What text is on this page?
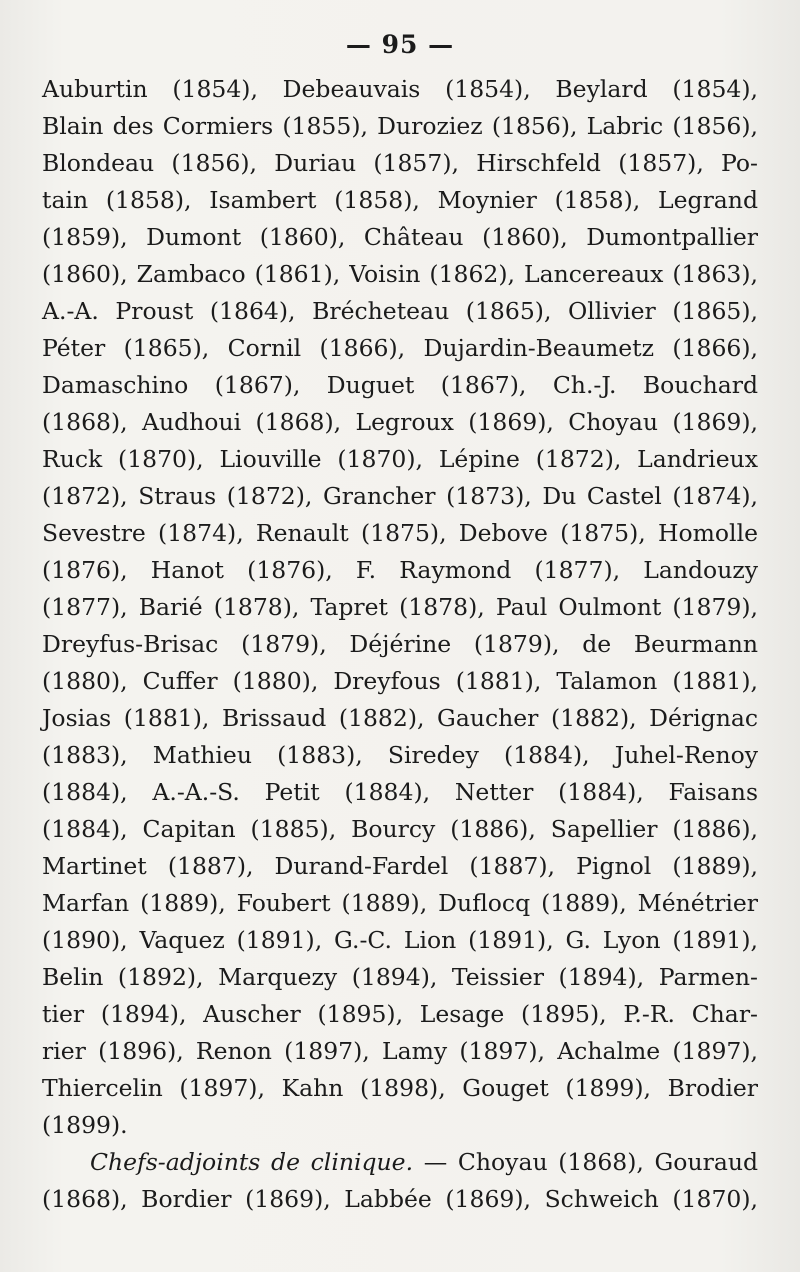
— 95 —
Auburtin (1854), Debeauvais (1854), Beylard (1854),
Blain des Cormiers (1855), Duroziez (1856), Labric (1856),
Blondeau (1856), Duriau (1857), Hirschfeld (1857), Po-
tain (1858), Isambert (1858), Moynier (1858), Legrand
(1859), Dumont (1860), Château (1860), Dumontpallier
(1860), Zambaco (1861), Voisin (1862), Lancereaux (1863),
A.-A. Proust (1864), Brécheteau (1865), Ollivier (1865),
Péter (1865), Cornil (1866), Dujardin-Beaumetz (1866),
Damaschino (1867), Duguet (1867), Ch.-J. Bouchard
(1868), Audhoui (1868), Legroux (1869), Choyau (1869),
Ruck (1870), Liouville (1870), Lépine (1872), Landrieux
(1872), Straus (1872), Grancher (1873), Du Castel (1874),
Sevestre (1874), Renault (1875), Debove (1875), Homolle
(1876), Hanot (1876), F. Raymond (1877), Landouzy
(1877), Barié (1878), Tapret (1878), Paul Oulmont (1879),
Dreyfus-Brisac (1879), Déjérine (1879), de Beurmann
(1880), Cuffer (1880), Dreyfous (1881), Talamon (1881),
Josias (1881), Brissaud (1882), Gaucher (1882), Dérignac
(1883), Mathieu (1883), Siredey (1884), Juhel-Renoy
(1884), A.-A.-S. Petit (1884), Netter (1884), Faisans
(1884), Capitan (1885), Bourcy (1886), Sapellier (1886),
Martinet (1887), Durand-Fardel (1887), Pignol (1889),
Marfan (1889), Foubert (1889), Duflocq (1889), Ménétrier
(1890), Vaquez (1891), G.-C. Lion (1891), G. Lyon (1891),
Belin (1892), Marquezy (1894), Teissier (1894), Parmen-
tier (1894), Auscher (1895), Lesage (1895), P.-R. Char-
rier (1896), Renon (1897), Lamy (1897), Achalme (1897),
Thiercelin (1897), Kahn (1898), Gouget (1899), Brodier
(1899).
Chefs-adjoints de clinique. — Choyau (1868), Gouraud
(1868), Bordier (1869), Labbée (1869), Schweich (1870),
